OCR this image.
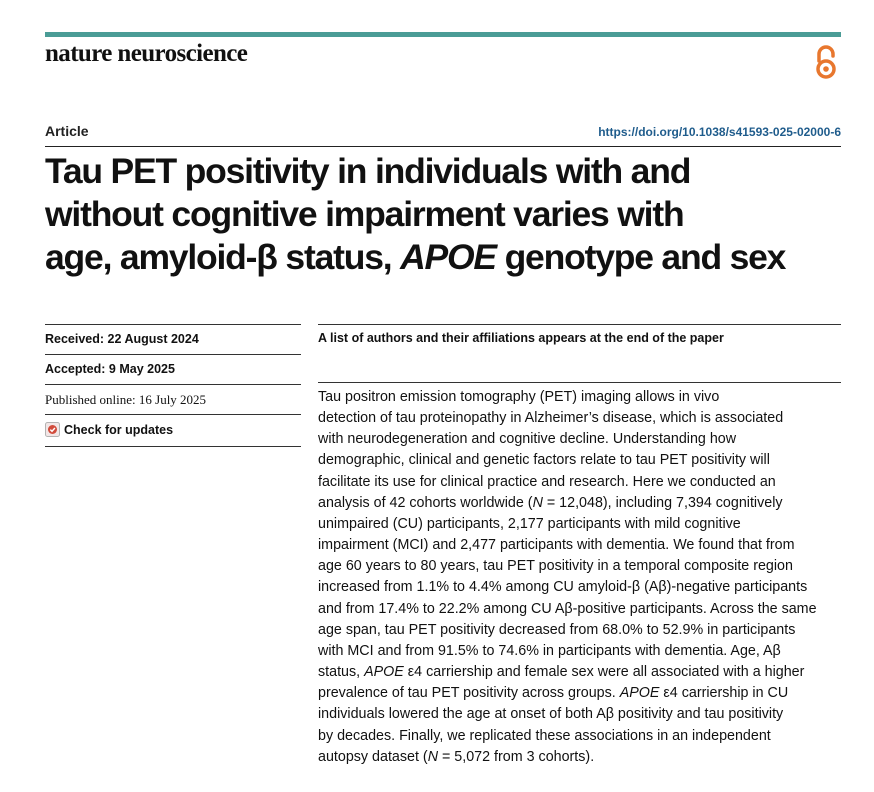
nature neuroscience
Article	https://doi.org/10.1038/s41593-025-02000-6
Tau PET positivity in individuals with and
without cognitive impairment varies with
age, amyloid-β status, APOE genotype and sex
Received: 22 August 2024
Accepted: 9 May 2025
Published online: 16 July 2025
Check for updates
A list of authors and their affiliations appears at the end of the paper
Tau positron emission tomography (PET) imaging allows in vivo
detection of tau proteinopathy in Alzheimer’s disease, which is associated
with neurodegeneration and cognitive decline. Understanding how
demographic, clinical and genetic factors relate to tau PET positivity will
facilitate its use for clinical practice and research. Here we conducted an
analysis of 42 cohorts worldwide (N = 12,048), including 7,394 cognitively
unimpaired (CU) participants, 2,177 participants with mild cognitive
impairment (MCI) and 2,477 participants with dementia. We found that from
age 60 years to 80 years, tau PET positivity in a temporal composite region
increased from 1.1% to 4.4% among CU amyloid-β (Aβ)-negative participants
and from 17.4% to 22.2% among CU Aβ-positive participants. Across the same
age span, tau PET positivity decreased from 68.0% to 52.9% in participants
with MCI and from 91.5% to 74.6% in participants with dementia. Age, Aβ
status, APOE ε4 carriership and female sex were all associated with a higher
prevalence of tau PET positivity across groups. APOE ε4 carriership in CU
individuals lowered the age at onset of both Aβ positivity and tau positivity
by decades. Finally, we replicated these associations in an independent
autopsy dataset (N = 5,072 from 3 cohorts).
